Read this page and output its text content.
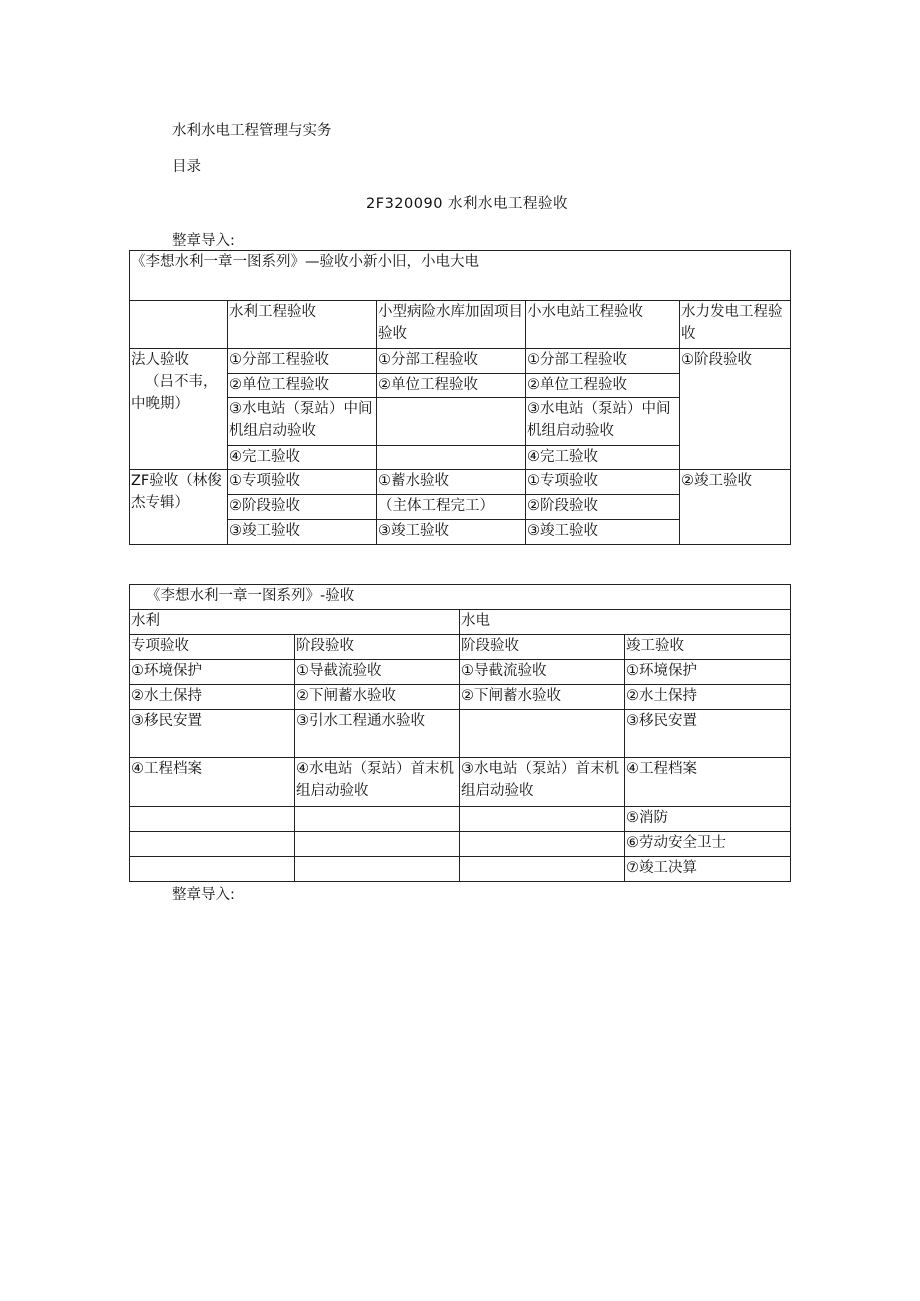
水利水电工程管理与实务
目录
2F320090 水利水电工程验收
整章导入:
《李想水利一章一图系列》—验收小新小旧，小电大电				
	水利工程验收	小型病险水库加固项目验收	小水电站工程验收	水力发电工程验收
法人验收
（吕不韦，
中晚期）	①分部工程验收	①分部工程验收	①分部工程验收	①阶段验收
	②单位工程验收	②单位工程验收	②单位工程验收	
	③水电站（泵站）中间机组启动验收		③水电站（泵站）中间机组启动验收	
	④完工验收		④完工验收	
ZF验收（林俊杰专辑）	①专项验收	①蓄水验收	①专项验收	②竣工验收
	②阶段验收	（主体工程完工）	②阶段验收	
	③竣工验收	③竣工验收	③竣工验收	
《李想水利一章一图系列》-验收			
水利		水电	
专项验收	阶段验收	阶段验收	竣工验收
①环境保护	①导截流验收	①导截流验收	①环境保护
②水土保持	②下闸蓄水验收	②下闸蓄水验收	②水土保持
③移民安置	③引水工程通水验收		③移民安置
④工程档案	④水电站（泵站）首末机组启动验收	③水电站（泵站）首末机组启动验收	④工程档案
			⑤消防
			⑥劳动安全卫士
			⑦竣工决算
整章导入:
